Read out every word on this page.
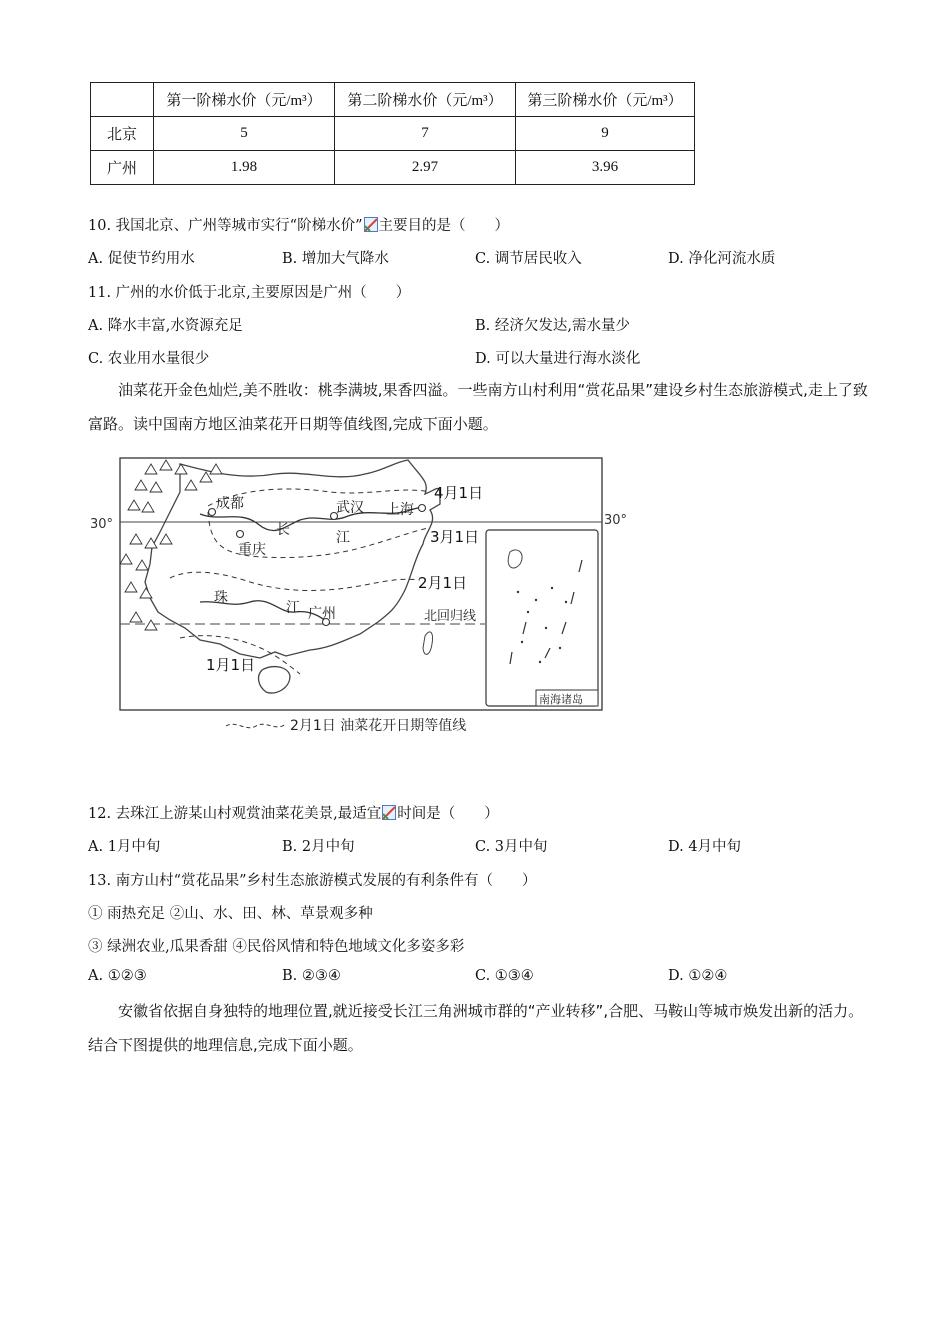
	第一阶梯水价（元/m³）	第二阶梯水价（元/m³）	第三阶梯水价（元/m³）
北京	5	7	9
广州	1.98	2.97	3.96
10. 我国北京、广州等城市实行“阶梯水价” 主要目的是（　　）
A. 促使节约用水	B. 增加大气降水	C. 调节居民收入	D. 净化河流水质
11. 广州的水价低于北京,主要原因是广州（　　）
A. 降水丰富,水资源充足	B. 经济欠发达,需水量少
C. 农业用水量很少	D. 可以大量进行海水淡化
油菜花开金色灿烂,美不胜收：桃李满坡,果香四溢。一些南方山村利用“赏花品果”建设乡村生态旅游模式,走上了致富路。读中国南方地区油菜花开日期等值线图,完成下面小题。
30°	30°
成都	武汉 上海
重庆
广州
长	江
珠
江
4月1日
3月1日
2月1日
1月1日
北回归线
南海诸岛
2月1日 油菜花开日期等值线
12. 去珠江上游某山村观赏油菜花美景,最适宜 时间是（　　）
A. 1月中旬	B. 2月中旬	C. 3月中旬	D. 4月中旬
13. 南方山村“赏花品果”乡村生态旅游模式发展的有利条件有（　　）
① 雨热充足 ②山、水、田、林、草景观多种
③ 绿洲农业,瓜果香甜 ④民俗风情和特色地域文化多姿多彩
A. ①②③	B. ②③④	C. ①③④	D. ①②④
安徽省依据自身独特的地理位置,就近接受长江三角洲城市群的“产业转移”,合肥、马鞍山等城市焕发出新的活力。结合下图提供的地理信息,完成下面小题。
